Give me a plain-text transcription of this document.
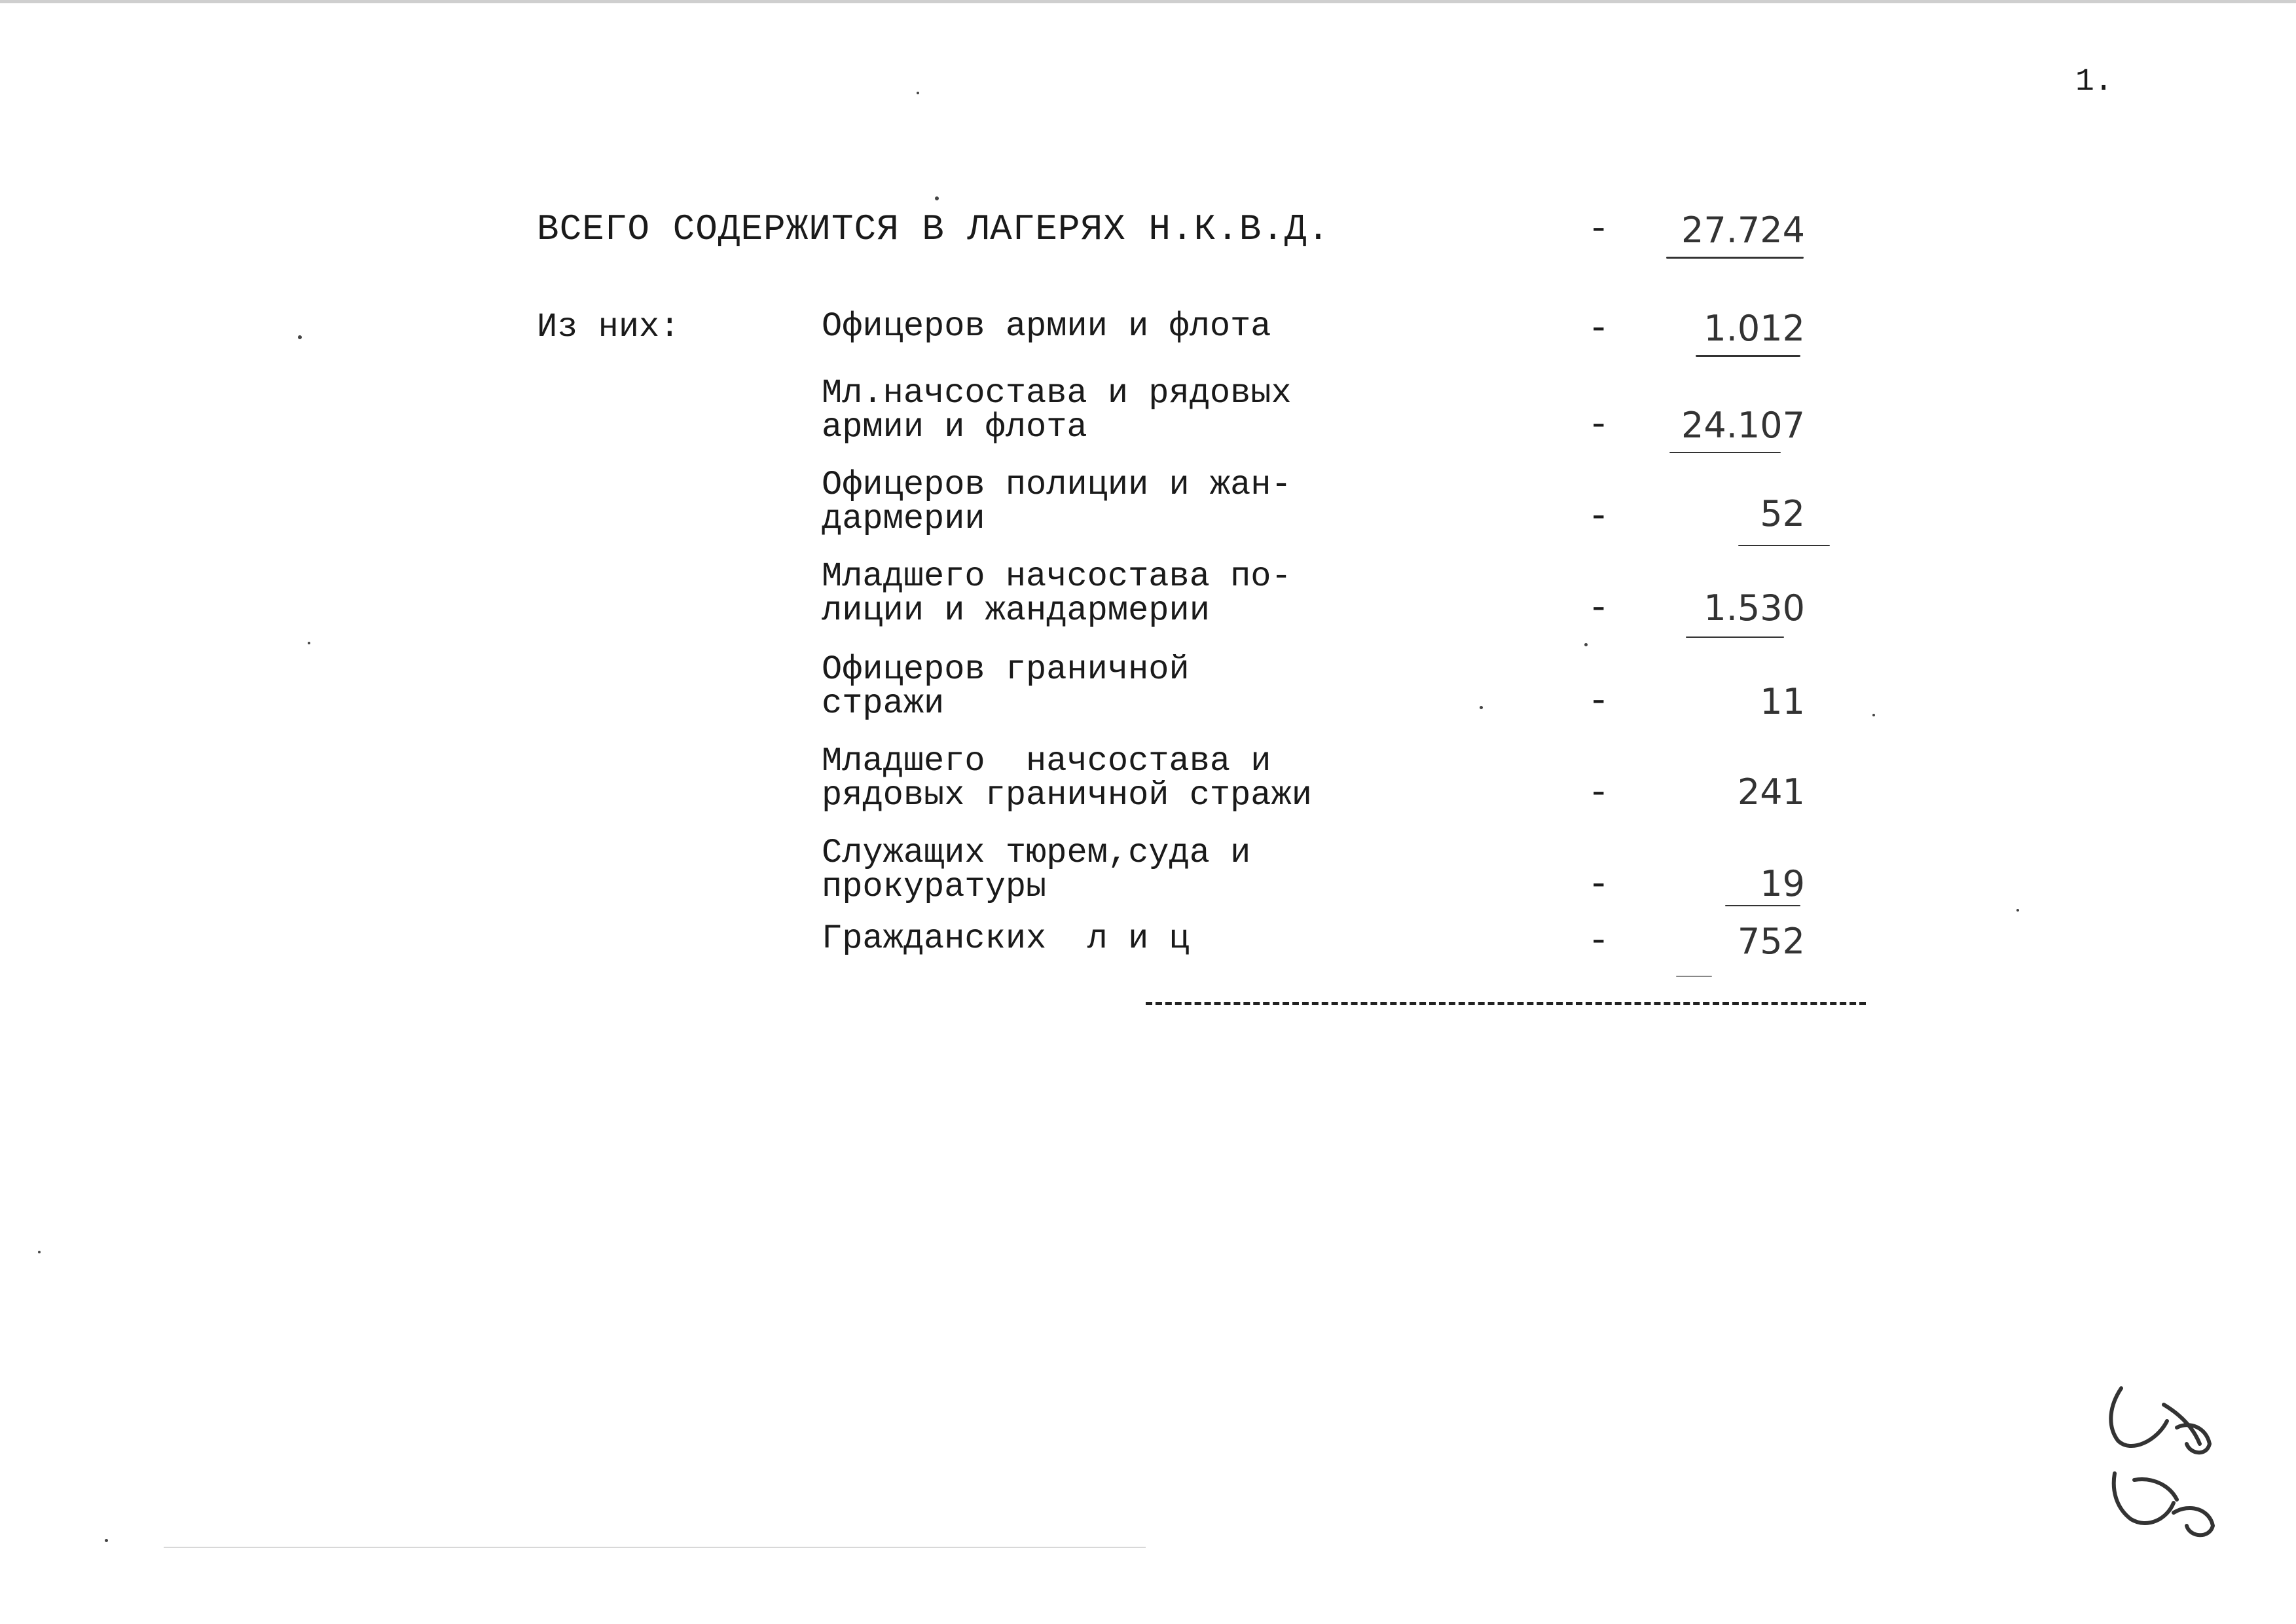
1.
ВСЕГО СОДЕРЖИТСЯ В ЛАГЕРЯХ Н.К.В.Д.	- 27.724
Из них:	Офицеров армии и флота	-	1.012
Мл.начсостава и рядовых
армии и флота	- 24.107
Офицеров полиции и жан-
дармерии	-	52
Младшего начсостава по-
лиции и жандармерии	-	1.530
Офицеров граничной
стражи	-	11
Младшего  начсостава и
рядовых граничной стражи	-	241
Служащих тюрем,суда и
прокуратуры	-	19
Гражданских  л и ц	-	752
